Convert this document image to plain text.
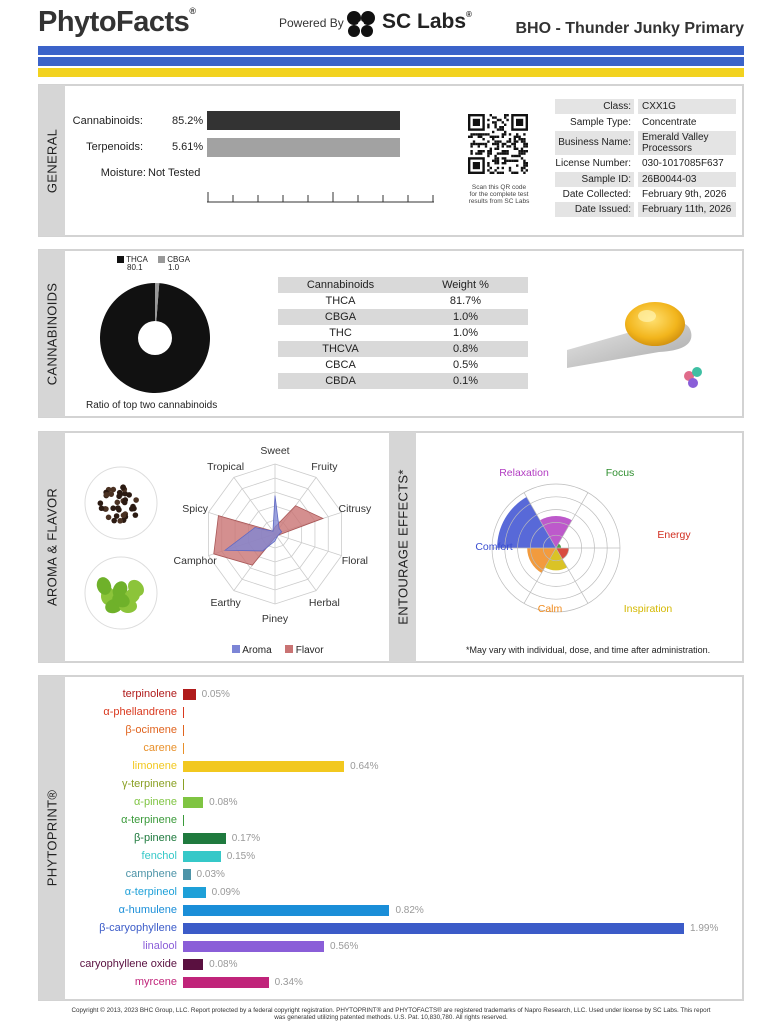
PhytoFacts®
Powered By SC Labs®
BHO - Thunder Junky Primary
GENERAL
Cannabinoids:	85.2%
Terpenoids:	5.61%
Moisture: Not Tested
Scan this QR code
for the complete test
results from SC Labs
Class:	CXX1G
Sample Type:	Concentrate
Business Name:	Emerald Valley
Processors
License Number:	030-1017085F637
Sample ID:	26B0044-03
Date Collected:	February 9th, 2026
Date Issued:	February 11th, 2026
CANNABINOIDS
THCA
80.1
CBGA
1.0
Ratio of top two cannabinoids
Cannabinoids	Weight %
THCA	81.7%
CBGA	1.0%
THC	1.0%
THCVA	0.8%
CBCA	0.5%
CBDA	0.1%
AROMA & FLAVOR	ENTOURAGE EFFECTS*
Sweet
Fruity
Citrusy
Floral
Herbal
Piney
Earthy
Camphor
Spicy
Tropical
Aroma	Flavor
Relaxation	Focus
Energy
Inspiration
Calm
Comfort
*May vary with individual, dose, and time after administration.
PHYTOPRINT®
terpinolene 0.05%
α-phellandrene
β-ocimene
carene
limonene	0.64%
γ-terpinene
α-pinene	0.08%
α-terpinene
β-pinene	0.17%
fenchol	0.15%
camphene 0.03%
α-terpineol	0.09%
α-humulene	0.82%
β-caryophyllene	1.99%
linalool	0.56%
caryophyllene oxide	0.08%
myrcene	0.34%
Copyright © 2013, 2023 BHC Group, LLC. Report protected by a federal copyright registration. PHYTOPRINT® and PHYTOFACTS® are registered trademarks of Napro Research, LLC. Used under license by SC Labs. This report
was generated utilizing patented methods. U.S. Pat. 10,830,780. All rights reserved.
